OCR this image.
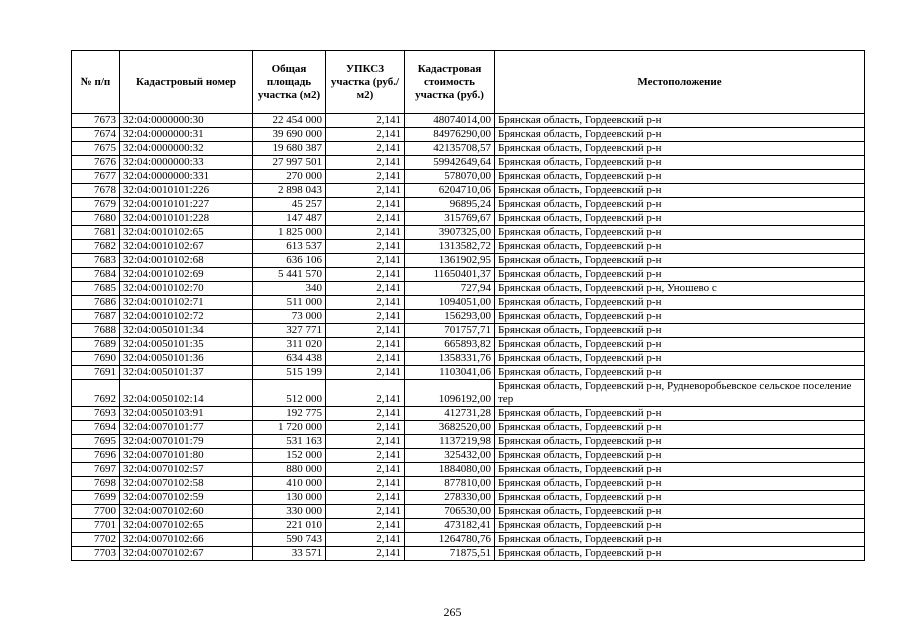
№ п/п	Кадастровый номер	Общая площадь участка (м2)	УПКСЗ участка (руб./м2)	Кадастровая стоимость участка (руб.)	Местоположение
7673	32:04:0000000:30	22 454 000	2,141	48074014,00	Брянская область, Гордеевский р-н
7674	32:04:0000000:31	39 690 000	2,141	84976290,00	Брянская область, Гордеевский р-н
7675	32:04:0000000:32	19 680 387	2,141	42135708,57	Брянская область, Гордеевский р-н
7676	32:04:0000000:33	27 997 501	2,141	59942649,64	Брянская область, Гордеевский р-н
7677	32:04:0000000:331	270 000	2,141	578070,00	Брянская область, Гордеевский р-н
7678	32:04:0010101:226	2 898 043	2,141	6204710,06	Брянская область, Гордеевский р-н
7679	32:04:0010101:227	45 257	2,141	96895,24	Брянская область, Гордеевский р-н
7680	32:04:0010101:228	147 487	2,141	315769,67	Брянская область, Гордеевский р-н
7681	32:04:0010102:65	1 825 000	2,141	3907325,00	Брянская область, Гордеевский р-н
7682	32:04:0010102:67	613 537	2,141	1313582,72	Брянская область, Гордеевский р-н
7683	32:04:0010102:68	636 106	2,141	1361902,95	Брянская область, Гордеевский р-н
7684	32:04:0010102:69	5 441 570	2,141	11650401,37	Брянская область, Гордеевский р-н
7685	32:04:0010102:70	340	2,141	727,94	Брянская область, Гордеевский р-н, Уношево с
7686	32:04:0010102:71	511 000	2,141	1094051,00	Брянская область, Гордеевский р-н
7687	32:04:0010102:72	73 000	2,141	156293,00	Брянская область, Гордеевский р-н
7688	32:04:0050101:34	327 771	2,141	701757,71	Брянская область, Гордеевский р-н
7689	32:04:0050101:35	311 020	2,141	665893,82	Брянская область, Гордеевский р-н
7690	32:04:0050101:36	634 438	2,141	1358331,76	Брянская область, Гордеевский р-н
7691	32:04:0050101:37	515 199	2,141	1103041,06	Брянская область, Гордеевский р-н
7692	32:04:0050102:14	512 000	2,141	1096192,00	Брянская область, Гордеевский р-н, Рудневоробьевское сельское поселение тер
7693	32:04:0050103:91	192 775	2,141	412731,28	Брянская область, Гордеевский р-н
7694	32:04:0070101:77	1 720 000	2,141	3682520,00	Брянская область, Гордеевский р-н
7695	32:04:0070101:79	531 163	2,141	1137219,98	Брянская область, Гордеевский р-н
7696	32:04:0070101:80	152 000	2,141	325432,00	Брянская область, Гордеевский р-н
7697	32:04:0070102:57	880 000	2,141	1884080,00	Брянская область, Гордеевский р-н
7698	32:04:0070102:58	410 000	2,141	877810,00	Брянская область, Гордеевский р-н
7699	32:04:0070102:59	130 000	2,141	278330,00	Брянская область, Гордеевский р-н
7700	32:04:0070102:60	330 000	2,141	706530,00	Брянская область, Гордеевский р-н
7701	32:04:0070102:65	221 010	2,141	473182,41	Брянская область, Гордеевский р-н
7702	32:04:0070102:66	590 743	2,141	1264780,76	Брянская область, Гордеевский р-н
7703	32:04:0070102:67	33 571	2,141	71875,51	Брянская область, Гордеевский р-н
265
